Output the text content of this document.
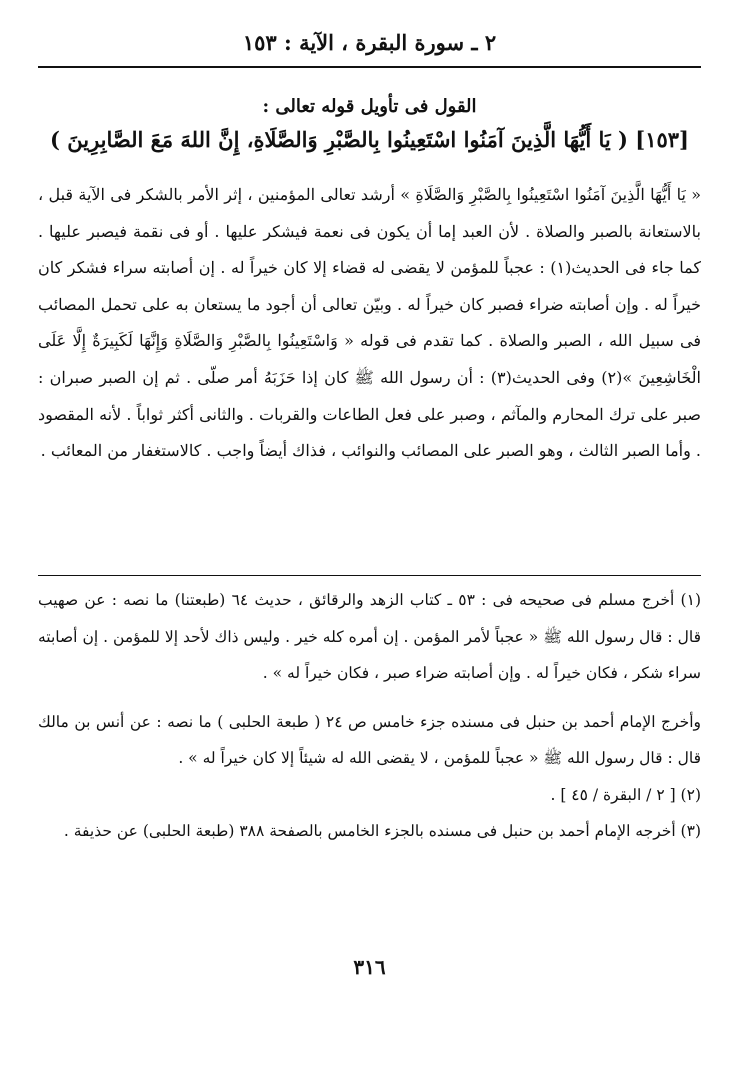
٢ ـ سورة البقرة ، الآية : ١٥٣
القول فى تأويل قوله تعالى :
[١٥٣] ( يَا أَيُّهَا الَّذِينَ آمَنُوا اسْتَعِينُوا بِالصَّبْرِ وَالصَّلَاةِ، إِنَّ اللهَ مَعَ الصَّابِرِينَ )

« يَا أَيُّهَا الَّذِينَ آمَنُوا اسْتَعِينُوا بِالصَّبْرِ وَالصَّلَاةِ » أرشد تعالى المؤمنين ، إثر الأمر بالشكر فى الآية قبل ، بالاستعانة بالصبر والصلاة . لأن العبد إما أن يكون فى نعمة فيشكر عليها . أو فى نقمة فيصبر عليها . كما جاء فى الحديث(١) : عجباً للمؤمن لا يقضى له قضاء إلا كان خيراً له . إن أصابته سراء فشكر كان خيراً له . وإن أصابته ضراء فصبر كان خيراً له . وبيّن تعالى أن أجود ما يستعان به على تحمل المصائب فى سبيل الله ، الصبر والصلاة . كما تقدم فى قوله « وَاسْتَعِينُوا بِالصَّبْرِ وَالصَّلَاةِ وَإِنَّهَا لَكَبِيرَةٌ إِلَّا عَلَى الْخَاشِعِينَ »(٢) وفى الحديث(٣) : أن رسول الله ﷺ كان إذا حَزَبَهُ أمر صلّى . ثم إن الصبر صبران : صبر على ترك المحارم والمآثم ، وصبر على فعل الطاعات والقربات . والثانى أكثر ثواباً . لأنه المقصود . وأما الصبر الثالث ، وهو الصبر على المصائب والنوائب ، فذاك أيضاً واجب . كالاستغفار من المعائب .

(١) أخرج مسلم فى صحيحه فى : ٥٣ ـ كتاب الزهد والرقائق ، حديث ٦٤ (طبعتنا) ما نصه : عن صهيب قال : قال رسول الله ﷺ « عجباً لأمر المؤمن . إن أمره كله خير . وليس ذاك لأحد إلا للمؤمن . إن أصابته سراء شكر ، فكان خيراً له . وإن أصابته ضراء صبر ، فكان خيراً له » .

وأخرج الإمام أحمد بن حنبل فى مسنده جزء خامس ص ٢٤ ( طبعة الحلبى ) ما نصه : عن أنس بن مالك قال : قال رسول الله ﷺ « عجباً للمؤمن ، لا يقضى الله له شيئاً إلا كان خيراً له » .

(٢) [ ٢ / البقرة / ٤٥ ] .

(٣) أخرجه الإمام أحمد بن حنبل فى مسنده بالجزء الخامس بالصفحة ٣٨٨ (طبعة الحلبى) عن حذيفة .

٣١٦
